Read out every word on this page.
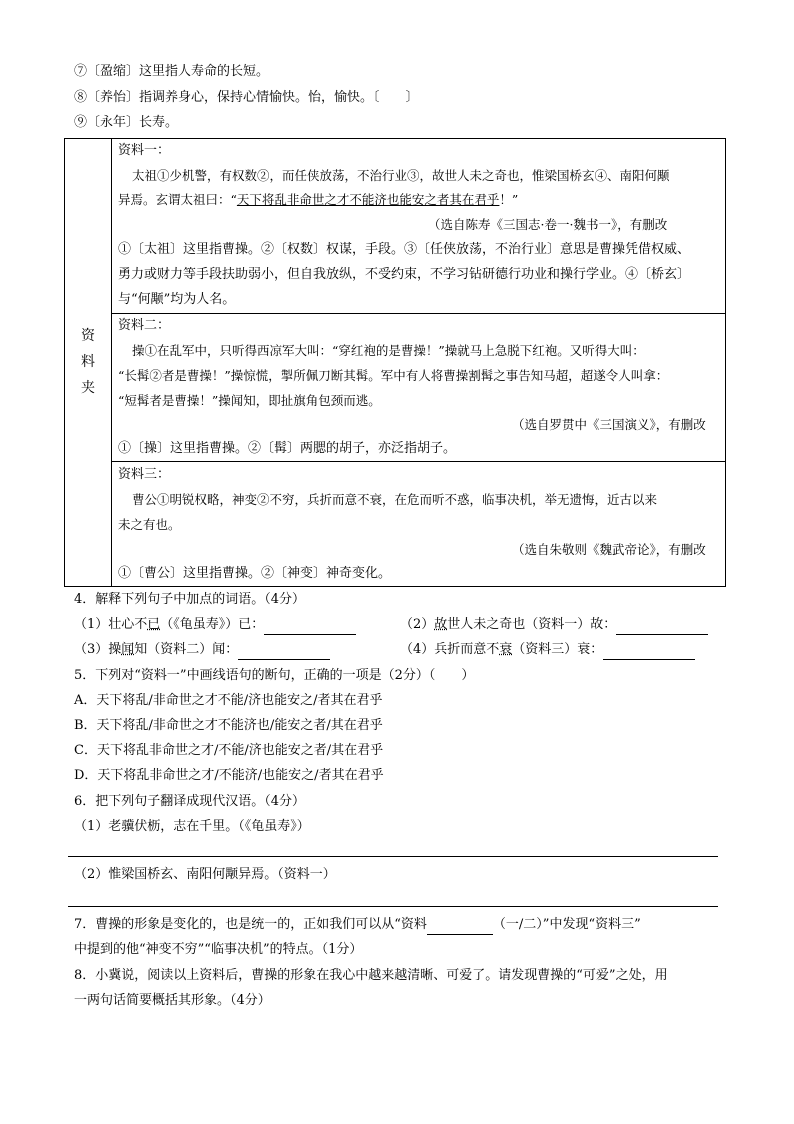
⑦〔盈缩〕这里指人寿命的长短。
⑧〔养怡〕指调养身心，保持心情愉快。怡，愉快。〔　　〕
⑨〔永年〕长寿。
资料夹
资料一：
太祖①少机警，有权数②，而任侠放荡，不治行业③，故世人未之奇也，惟梁国桥玄④、南阳何颙
异焉。玄谓太祖曰：“天下将乱非命世之才不能济也能安之者其在君乎！”
（选自陈寿《三国志·卷一·魏书一》，有删改
①〔太祖〕这里指曹操。②〔权数〕权谋，手段。③〔任侠放荡，不治行业〕意思是曹操凭借权威、
勇力或财力等手段扶助弱小，但自我放纵，不受约束，不学习钻研德行功业和操行学业。④〔桥玄〕
与“何颙”均为人名。
资料二：
操①在乱军中，只听得西凉军大叫：“穿红袍的是曹操！”操就马上急脱下红袍。又听得大叫：
“长髯②者是曹操！”操惊慌，掣所佩刀断其髯。军中有人将曹操割髯之事告知马超，超遂令人叫拿：
“短髯者是曹操！”操闻知，即扯旗角包颈而逃。
（选自罗贯中《三国演义》，有删改
①〔操〕这里指曹操。②〔髯〕两腮的胡子，亦泛指胡子。
资料三：
曹公①明锐权略，神变②不穷，兵折而意不衰，在危而听不惑，临事决机，举无遗悔，近古以来
未之有也。
（选自朱敬则《魏武帝论》，有删改
①〔曹公〕这里指曹操。②〔神变〕神奇变化。
4．解释下列句子中加点的词语。（4分）
（1）壮心不已（《龟虽寿》）已：	（2）故世人未之奇也（资料一）故：
（3）操闻知（资料二）闻：	（4）兵折而意不衰（资料三）衰：
5．下列对“资料一”中画线语句的断句，正确的一项是（2分）（　　）
A．天下将乱/非命世之才不能/济也能安之/者其在君乎
B．天下将乱/非命世之才不能济也/能安之者/其在君乎
C．天下将乱非命世之才/不能/济也能安之者/其在君乎
D．天下将乱非命世之才/不能济/也能安之/者其在君乎
6．把下列句子翻译成现代汉语。（4分）
（1）老骥伏枥，志在千里。（《龟虽寿》）
（2）惟梁国桥玄、南阳何颙异焉。（资料一）
7．曹操的形象是变化的，也是统一的，正如我们可以从“资料	（一/二）”中发现“资料三”
中提到的他“神变不穷”“临事决机”的特点。（1分）
8．小冀说，阅读以上资料后，曹操的形象在我心中越来越清晰、可爱了。请发现曹操的“可爱”之处，用
一两句话简要概括其形象。（4分）
